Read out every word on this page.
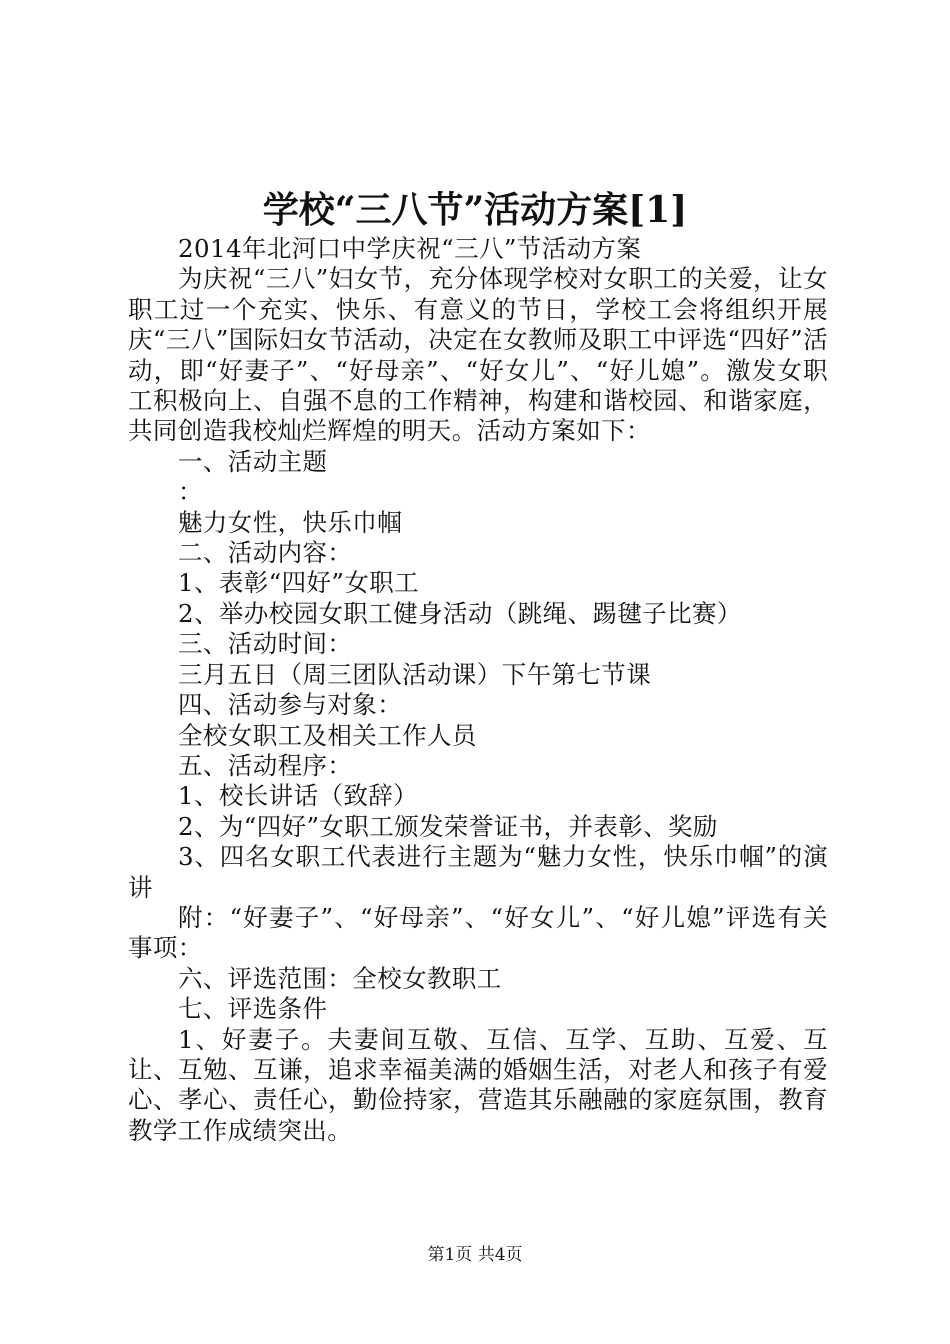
学校“三八节”活动方案[1]

2014年北河口中学庆祝“三八”节活动方案

为庆祝“三八”妇女节，充分体现学校对女职工的关爱，让女职工过一个充实、快乐、有意义的节日，学校工会将组织开展庆“三八”国际妇女节活动，决定在女教师及职工中评选“四好”活动，即“好妻子”、“好母亲”、“好女儿”、“好儿媳”。激发女职工积极向上、自强不息的工作精神，构建和谐校园、和谐家庭，共同创造我校灿烂辉煌的明天。活动方案如下：

一、活动主题

：

魅力女性，快乐巾帼

二、活动内容：

1、表彰“四好”女职工

2、举办校园女职工健身活动（跳绳、踢毽子比赛）

三、活动时间：

三月五日（周三团队活动课）下午第七节课

四、活动参与对象：

全校女职工及相关工作人员

五、活动程序：

1、校长讲话（致辞）

2、为“四好”女职工颁发荣誉证书，并表彰、奖励

3、四名女职工代表进行主题为“魅力女性，快乐巾帼”的演讲

附：“好妻子”、“好母亲”、“好女儿”、“好儿媳”评选有关事项：

六、评选范围：全校女教职工

七、评选条件

1、好妻子。夫妻间互敬、互信、互学、互助、互爱、互让、互勉、互谦，追求幸福美满的婚姻生活，对老人和孩子有爱心、孝心、责任心，勤俭持家，营造其乐融融的家庭氛围，教育教学工作成绩突出。

第1页 共4页
